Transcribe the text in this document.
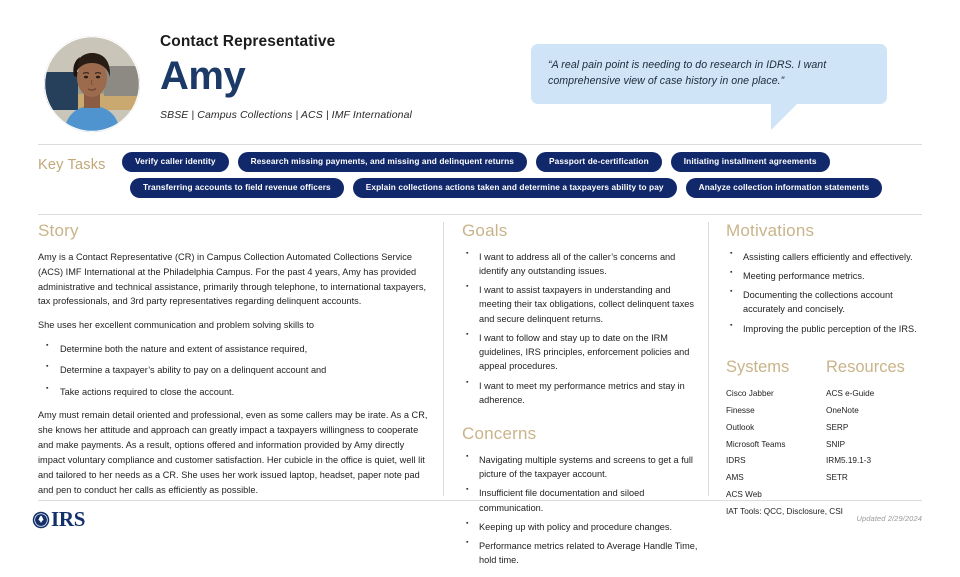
Contact Representative
Amy
SBSE | Campus Collections | ACS | IMF International
“A real pain point is needing to do research in IDRS. I want comprehensive view of case history in one place.”
Key Tasks	Verify caller identity	Research missing payments, and missing and delinquent returns	Passport de-certification	Initiating installment agreements
Transferring accounts to field revenue officers	Explain collections actions taken and determine a taxpayers ability to pay	Analyze collection information statements
Story

Amy is a Contact Representative (CR) in Campus Collection Automated Collections Service (ACS) IMF International at the Philadelphia Campus. For the past 4 years, Amy has provided administrative and technical assistance, primarily through telephone, to international taxpayers, tax professionals, and 3rd party representatives regarding delinquent accounts.

She uses her excellent communication and problem solving skills to

▪ Determine both the nature and extent of assistance required,
▪ Determine a taxpayer’s ability to pay on a delinquent account and
▪ Take actions required to close the account.

Amy must remain detail oriented and professional, even as some callers may be irate. As a CR, she knows her attitude and approach can greatly impact a taxpayers willingness to cooperate and make payments. As a result, options offered and information provided by Amy directly impact voluntary compliance and customer satisfaction. Her cubicle in the office is quiet, well lit and tailored to her needs as a CR. She uses her work issued laptop, headset, paper note pad and pen to conduct her calls as efficiently as possible.

Goals
▪ I want to address all of the caller’s concerns and identify any outstanding issues.
▪ I want to assist taxpayers in understanding and meeting their tax obligations, collect delinquent taxes and secure delinquent returns.
▪ I want to follow and stay up to date on the IRM guidelines, IRS principles, enforcement policies and appeal procedures.
▪ I want to meet my performance metrics and stay in adherence.
Concerns
▪ Navigating multiple systems and screens to get a full picture of the taxpayer account.
▪ Insufficient file documentation and siloed communication.
▪ Keeping up with policy and procedure changes.
▪ Performance metrics related to Average Handle Time, hold time.
Motivations
▪ Assisting callers efficiently and effectively.
▪ Meeting performance metrics.
▪ Documenting the collections account accurately and concisely.
▪ Improving the public perception of the IRS.
Systems
Cisco Jabber
Finesse
Outlook
Microsoft Teams
IDRS
AMS
ACS Web
IAT Tools: QCC, Disclosure, CSI
Resources
ACS e-Guide
OneNote
SERP
SNIP
IRM5.19.1-3
SETR
IRS	Updated 2/29/2024
